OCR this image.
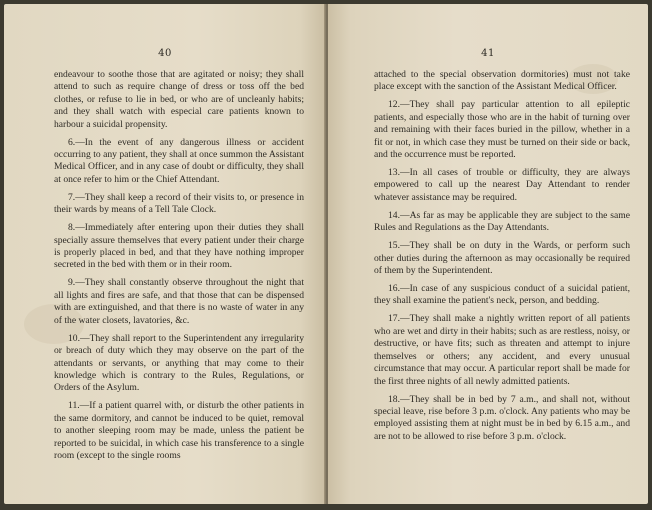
40

endeavour to soothe those that are agitated or noisy; they shall attend to such as require change of dress or toss off the bed clothes, or refuse to lie in bed, or who are of uncleanly habits; and they shall watch with especial care patients known to harbour a suicidal propensity.

6.—In the event of any dangerous illness or accident occurring to any patient, they shall at once summon the Assistant Medical Officer, and in any case of doubt or difficulty, they shall at once refer to him or the Chief Attendant.

7.—They shall keep a record of their visits to, or presence in their wards by means of a Tell Tale Clock.

8.—Immediately after entering upon their duties they shall specially assure themselves that every patient under their charge is properly placed in bed, and that they have nothing improper secreted in the bed with them or in their room.

9.—They shall constantly observe throughout the night that all lights and fires are safe, and that those that can be dispensed with are extinguished, and that there is no waste of water in any of the water closets, lavatories, &c.

10.—They shall report to the Superintendent any irregularity or breach of duty which they may observe on the part of the attendants or servants, or anything that may come to their knowledge which is contrary to the Rules, Regulations, or Orders of the Asylum.

11.—If a patient quarrel with, or disturb the other patients in the same dormitory, and cannot be induced to be quiet, removal to another sleeping room may be made, unless the patient be reported to be suicidal, in which case his transference to a single room (except to the single rooms

41

attached to the special observation dormitories) must not take place except with the sanction of the Assistant Medical Officer.

12.—They shall pay particular attention to all epileptic patients, and especially those who are in the habit of turning over and remaining with their faces buried in the pillow, whether in a fit or not, in which case they must be turned on their side or back, and the occurrence must be reported.

13.—In all cases of trouble or difficulty, they are always empowered to call up the nearest Day Attendant to render whatever assistance may be required.

14.—As far as may be applicable they are subject to the same Rules and Regulations as the Day Attendants.

15.—They shall be on duty in the Wards, or perform such other duties during the afternoon as may occasionally be required of them by the Superintendent.

16.—In case of any suspicious conduct of a suicidal patient, they shall examine the patient's neck, person, and bedding.

17.—They shall make a nightly written report of all patients who are wet and dirty in their habits; such as are restless, noisy, or destructive, or have fits; such as threaten and attempt to injure themselves or others; any accident, and every unusual circumstance that may occur. A particular report shall be made for the first three nights of all newly admitted patients.

18.—They shall be in bed by 7 a.m., and shall not, without special leave, rise before 3 p.m. o'clock. Any patients who may be employed assisting them at night must be in bed by 6.15 a.m., and are not to be allowed to rise before 3 p.m. o'clock.
